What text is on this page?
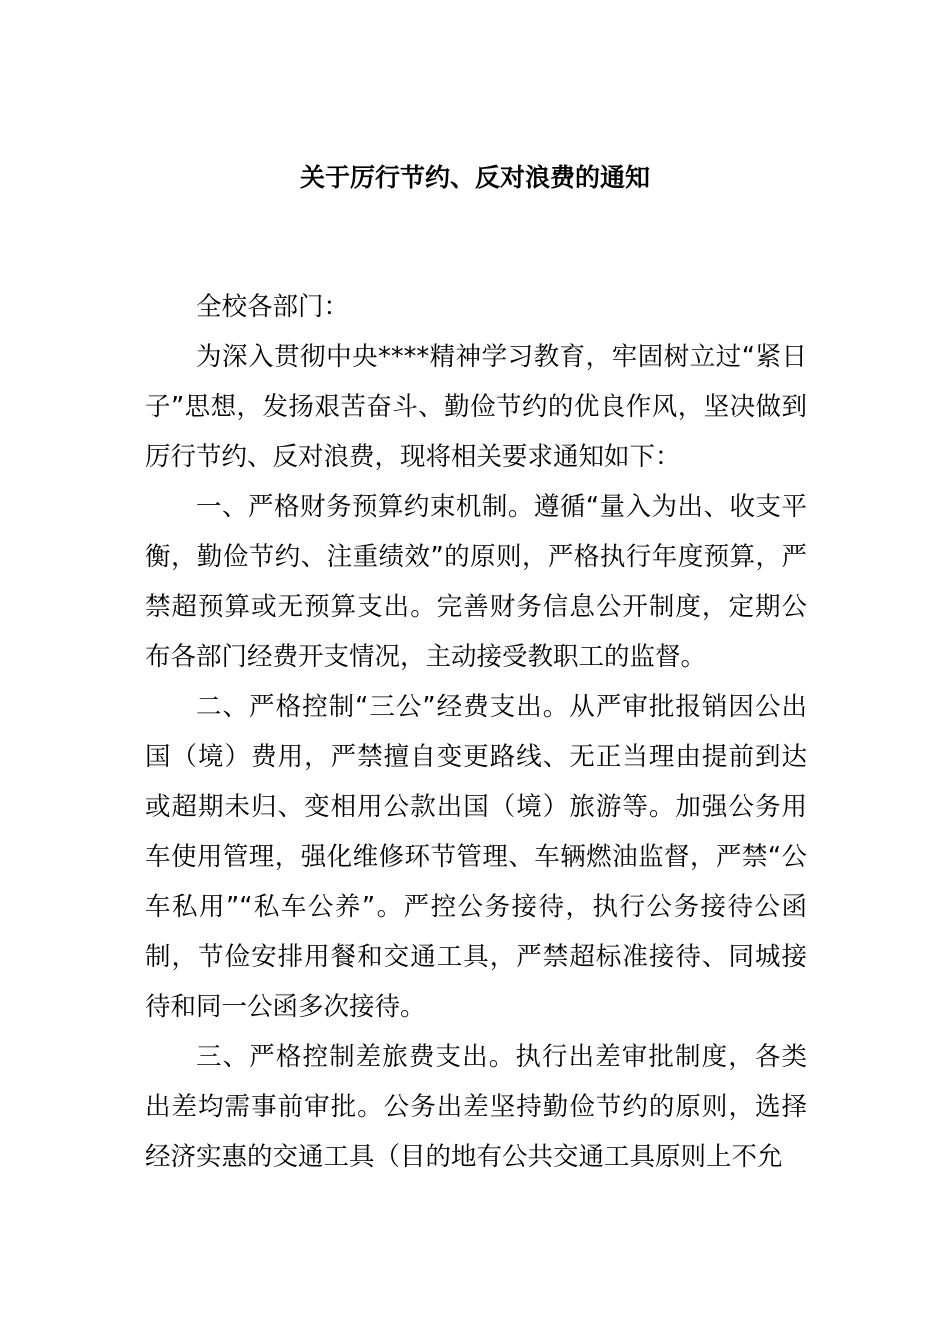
关于厉行节约、反对浪费的通知

全校各部门：

为深入贯彻中央****精神学习教育，牢固树立过“紧日子”思想，发扬艰苦奋斗、勤俭节约的优良作风，坚决做到厉行节约、反对浪费，现将相关要求通知如下：

一、严格财务预算约束机制。遵循“量入为出、收支平衡，勤俭节约、注重绩效”的原则，严格执行年度预算，严禁超预算或无预算支出。完善财务信息公开制度，定期公布各部门经费开支情况，主动接受教职工的监督。

二、严格控制“三公”经费支出。从严审批报销因公出国（境）费用，严禁擅自变更路线、无正当理由提前到达或超期未归、变相用公款出国（境）旅游等。加强公务用车使用管理，强化维修环节管理、车辆燃油监督，严禁“公车私用”“私车公养”。严控公务接待，执行公务接待公函制，节俭安排用餐和交通工具，严禁超标准接待、同城接待和同一公函多次接待。

三、严格控制差旅费支出。执行出差审批制度，各类出差均需事前审批。公务出差坚持勤俭节约的原则，选择经济实惠的交通工具（目的地有公共交通工具原则上不允
